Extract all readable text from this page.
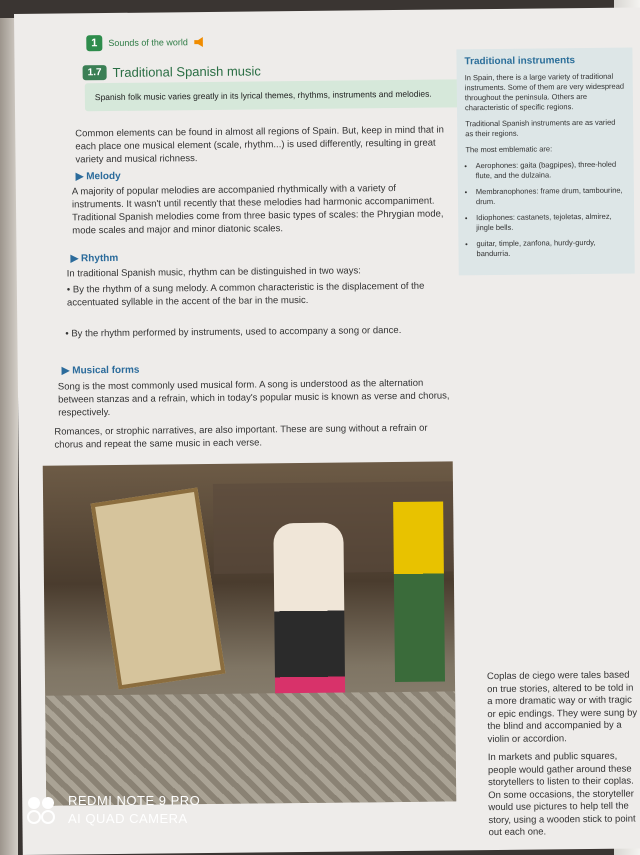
1	Sounds of the world
1.7 Traditional Spanish music
Spanish folk music varies greatly in its lyrical themes, rhythms, instruments and melodies.
Common elements can be found in almost all regions of Spain. But, keep in mind that in each place one musical element (scale, rhythm...) is used differently, resulting in great variety and musical richness.
▶ Melody
A majority of popular melodies are accompanied rhythmically with a variety of instruments. It wasn't until recently that these melodies had harmonic accompaniment. Traditional Spanish melodies come from three basic types of scales: the Phrygian mode, mode scales and major and minor diatonic scales.
▶ Rhythm
In traditional Spanish music, rhythm can be distinguished in two ways:
• By the rhythm of a sung melody. A common characteristic is the displacement of the accentuated syllable in the accent of the bar in the music.
• By the rhythm performed by instruments, used to accompany a song or dance.
▶ Musical forms
Song is the most commonly used musical form. A song is understood as the alternation between stanzas and a refrain, which in today's popular music is known as verse and chorus, respectively.
Romances, or strophic narratives, are also important. These are sung without a refrain or chorus and repeat the same music in each verse.
Traditional instruments

In Spain, there is a large variety of traditional instruments. Some of them are very widespread throughout the peninsula. Others are characteristic of specific regions.

Traditional Spanish instruments are as varied as their regions.

The most emblematic are:

• Aerophones: gaita (bagpipes), three-holed flute, and the dulzaina.
• Membranophones: frame drum, tambourine, drum.
• Idiophones: castanets, tejoletas, almirez, jingle bells.
• guitar, timple, zanfona, hurdy-gurdy, bandurria.
Coplas de ciego were tales based on true stories, altered to be told in a more dramatic way or with tragic or epic endings. They were sung by the blind and accompanied by a violin or accordion.
In markets and public squares, people would gather around these storytellers to listen to their coplas. On some occasions, the storyteller would use pictures to help tell the story, using a wooden stick to point out each one.
REDMI NOTE 9 PRO
AI QUAD CAMERA
